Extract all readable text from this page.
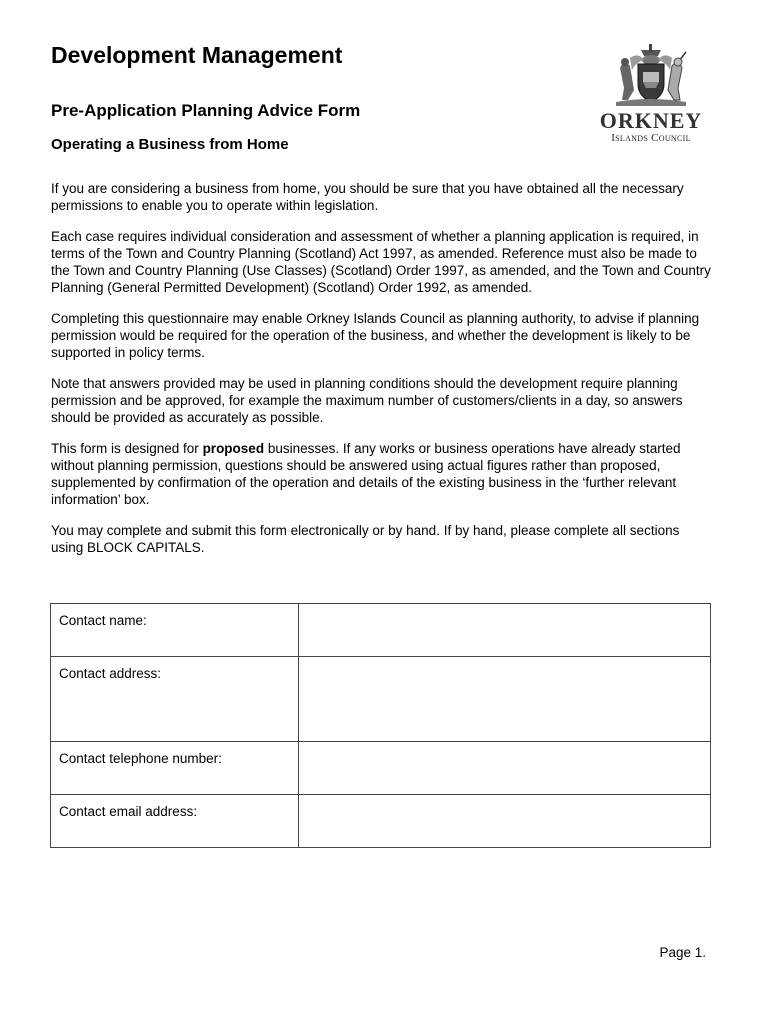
Development Management
Pre-Application Planning Advice Form
Operating a Business from Home
ORKNEY
Islands Council

If you are considering a business from home, you should be sure that you have obtained all the necessary permissions to enable you to operate within legislation.

Each case requires individual consideration and assessment of whether a planning application is required, in terms of the Town and Country Planning (Scotland) Act 1997, as amended. Reference must also be made to the Town and Country Planning (Use Classes) (Scotland) Order 1997, as amended, and the Town and Country Planning (General Permitted Development) (Scotland) Order 1992, as amended.

Completing this questionnaire may enable Orkney Islands Council as planning authority, to advise if planning permission would be required for the operation of the business, and whether the development is likely to be supported in policy terms.

Note that answers provided may be used in planning conditions should the development require planning permission and be approved, for example the maximum number of customers/clients in a day, so answers should be provided as accurately as possible.

This form is designed for proposed businesses. If any works or business operations have already started without planning permission, questions should be answered using actual figures rather than proposed, supplemented by confirmation of the operation and details of the existing business in the ‘further relevant information’ box.

You may complete and submit this form electronically or by hand. If by hand, please complete all sections using BLOCK CAPITALS.

Contact name:	
Contact address:	
Contact telephone number:	
Contact email address:	
Page 1.
